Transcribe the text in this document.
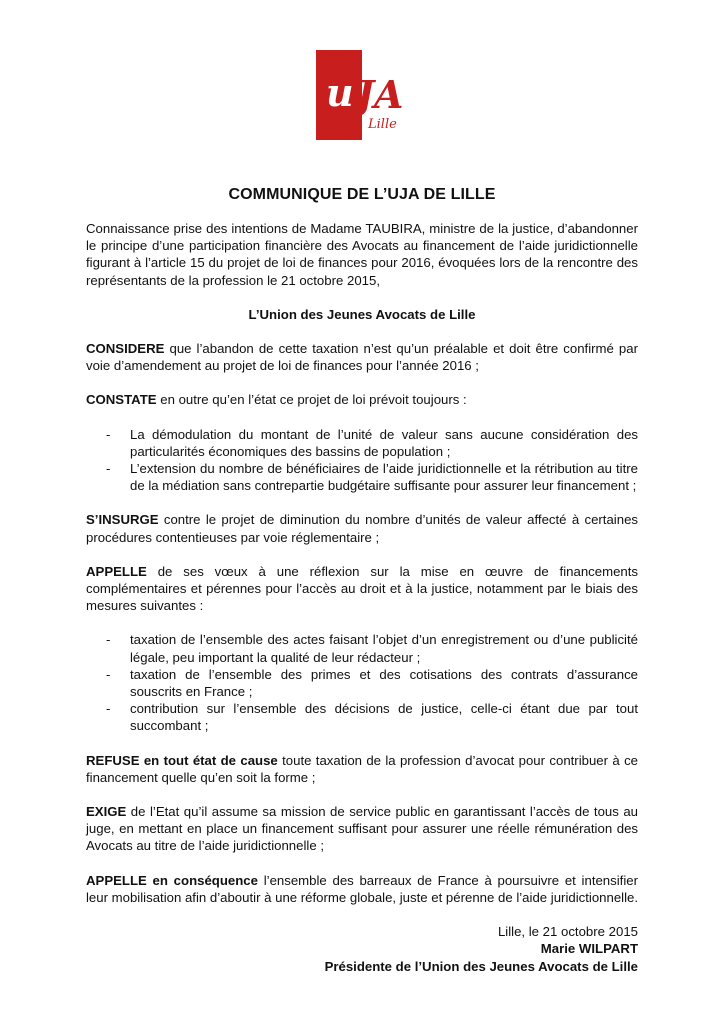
u JA
Lille
COMMUNIQUE DE L’UJA DE LILLE

Connaissance prise des intentions de Madame TAUBIRA, ministre de la justice, d’abandonner le principe d’une participation financière des Avocats au financement de l’aide juridictionnelle figurant à l’article 15 du projet de loi de finances pour 2016, évoquées lors de la rencontre des représentants de la profession le 21 octobre 2015,

L’Union des Jeunes Avocats de Lille

CONSIDERE que l’abandon de cette taxation n’est qu’un préalable et doit être confirmé par voie d’amendement au projet de loi de finances pour l’année 2016 ;

CONSTATE en outre qu’en l’état ce projet de loi prévoit toujours :

- La démodulation du montant de l’unité de valeur sans aucune considération des particularités économiques des bassins de population ;
- L’extension du nombre de bénéficiaires de l’aide juridictionnelle et la rétribution au titre de la médiation sans contrepartie budgétaire suffisante pour assurer leur financement ;

S’INSURGE contre le projet de diminution du nombre d’unités de valeur affecté à certaines procédures contentieuses par voie réglementaire ;

APPELLE de ses vœux à une réflexion sur la mise en œuvre de financements complémentaires et pérennes pour l’accès au droit et à la justice, notamment par le biais des mesures suivantes :

- taxation de l’ensemble des actes faisant l’objet d’un enregistrement ou d’une publicité légale, peu important la qualité de leur rédacteur ;
- taxation de l’ensemble des primes et des cotisations des contrats d’assurance souscrits en France ;
- contribution sur l’ensemble des décisions de justice, celle-ci étant due par tout succombant ;

REFUSE en tout état de cause toute taxation de la profession d’avocat pour contribuer à ce financement quelle qu’en soit la forme ;

EXIGE de l’Etat qu’il assume sa mission de service public en garantissant l’accès de tous au juge, en mettant en place un financement suffisant pour assurer une réelle rémunération des Avocats au titre de l’aide juridictionnelle ;

APPELLE en conséquence l’ensemble des barreaux de France à poursuivre et intensifier leur mobilisation afin d’aboutir à une réforme globale, juste et pérenne de l’aide juridictionnelle.

Lille, le 21 octobre 2015

Marie WILPART

Présidente de l’Union des Jeunes Avocats de Lille
